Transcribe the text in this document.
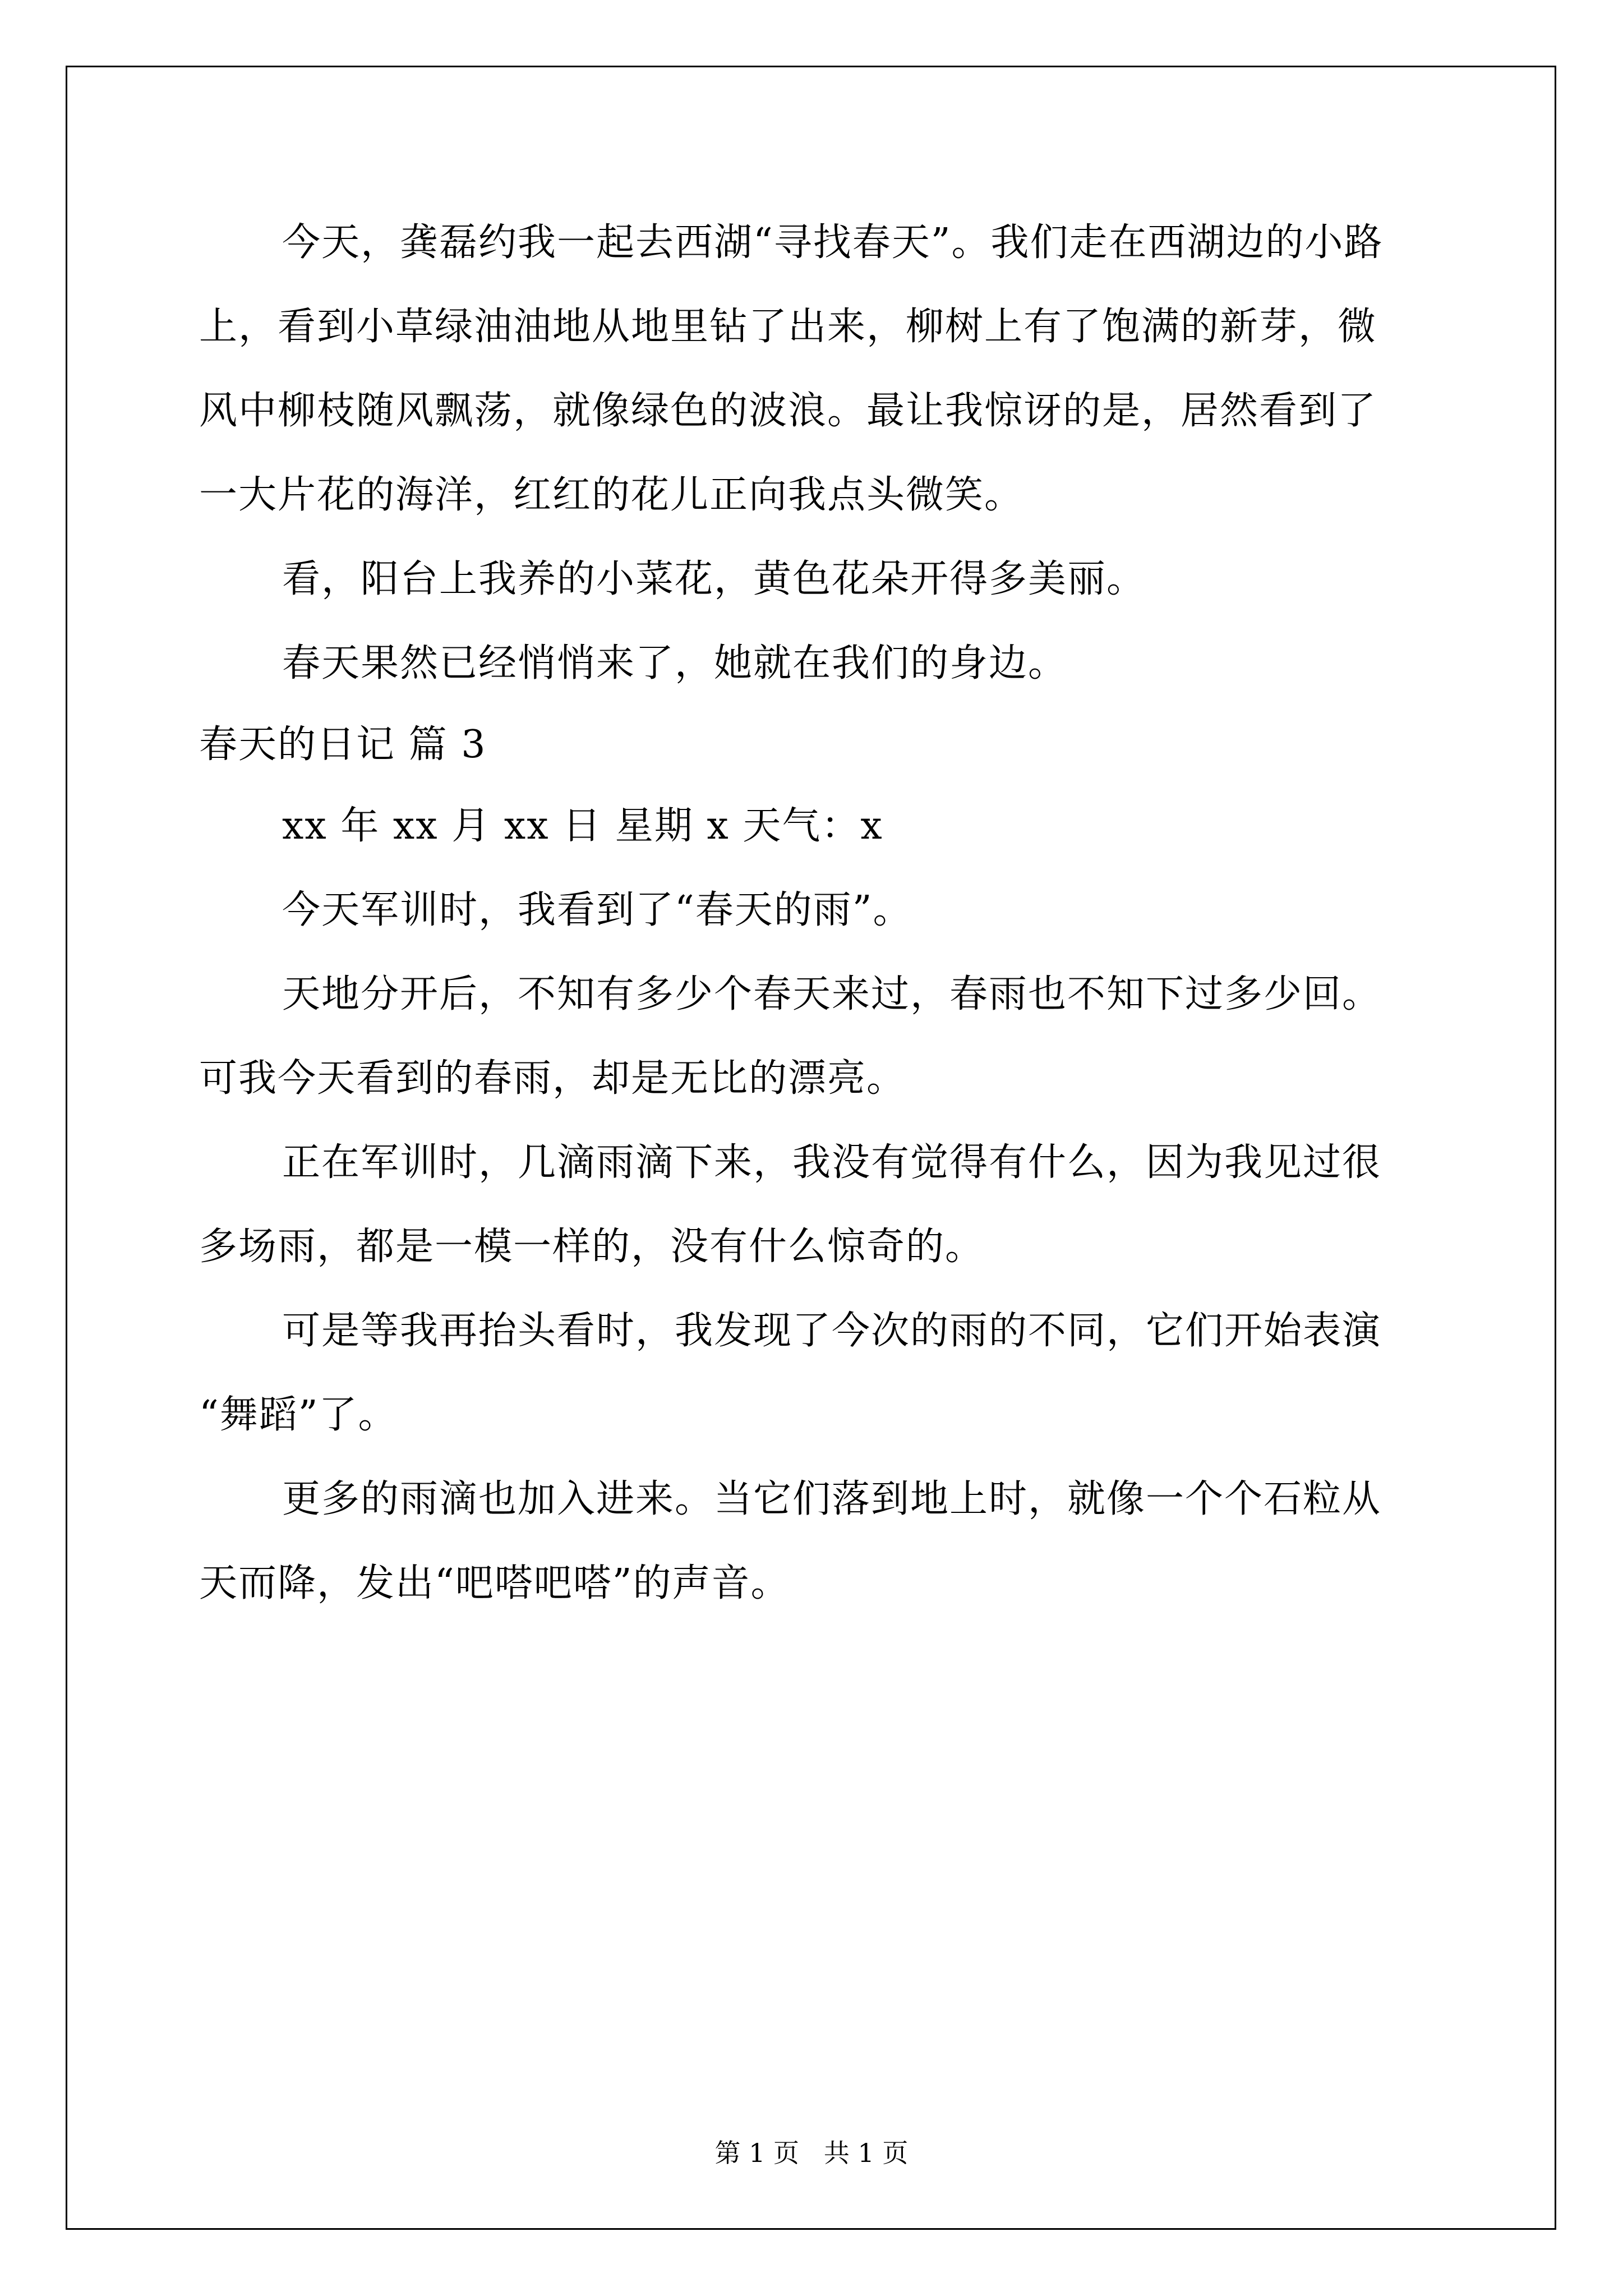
今天，龚磊约我一起去西湖“寻找春天”。我们走在西湖边的小路
上，看到小草绿油油地从地里钻了出来，柳树上有了饱满的新芽，微
风中柳枝随风飘荡，就像绿色的波浪。最让我惊讶的是，居然看到了
一大片花的海洋，红红的花儿正向我点头微笑。
看，阳台上我养的小菜花，黄色花朵开得多美丽。
春天果然已经悄悄来了，她就在我们的身边。
春天的日记 篇 3
xx 年 xx 月 xx 日 星期 x 天气：x
今天军训时，我看到了“春天的雨”。
天地分开后，不知有多少个春天来过，春雨也不知下过多少回。
可我今天看到的春雨，却是无比的漂亮。
正在军训时，几滴雨滴下来，我没有觉得有什么，因为我见过很
多场雨，都是一模一样的，没有什么惊奇的。
可是等我再抬头看时，我发现了今次的雨的不同，它们开始表演
“舞蹈”了。
更多的雨滴也加入进来。当它们落到地上时，就像一个个石粒从
天而降，发出“吧嗒吧嗒”的声音。
第 1 页   共 1 页
